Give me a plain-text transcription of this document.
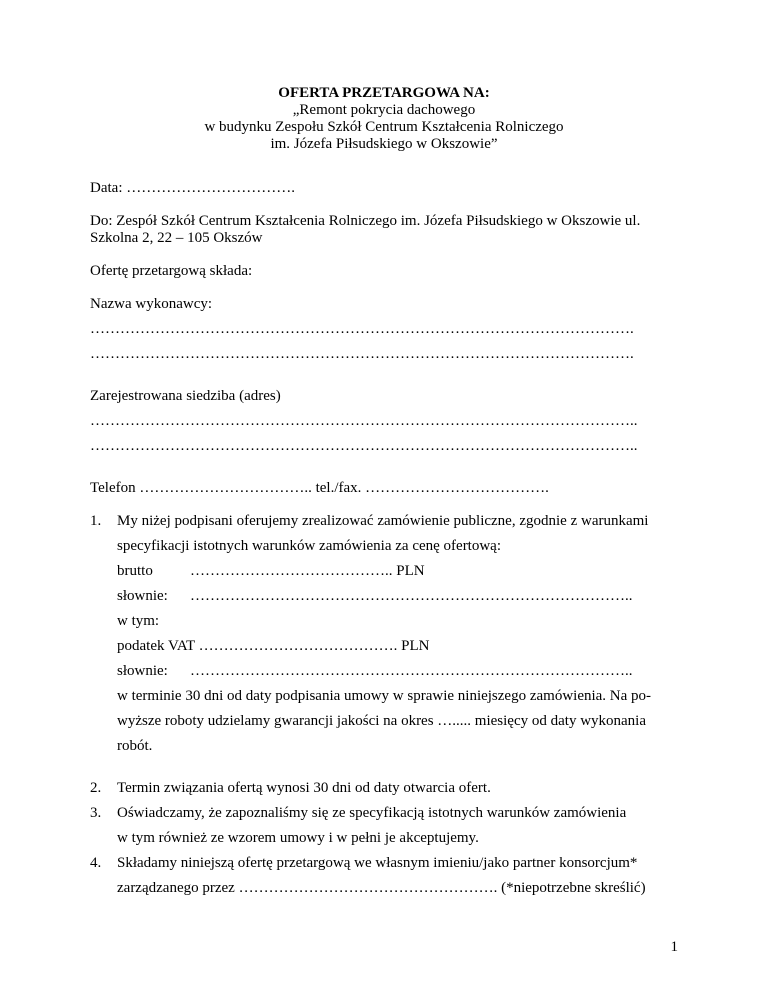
OFERTA PRZETARGOWA NA:
„Remont pokrycia dachowego
w budynku Zespołu Szkół Centrum Kształcenia Rolniczego
im. Józefa Piłsudskiego w Okszowie”
Data: …………………………….
Do: Zespół Szkół Centrum Kształcenia Rolniczego im. Józefa Piłsudskiego w Okszowie ul.
Szkolna 2, 22 – 105 Okszów
Ofertę przetargową składa:
Nazwa wykonawcy:
……………………………………………………………………………………………….
……………………………………………………………………………………………….
Zarejestrowana siedziba (adres)
………………………………………………………………………………………………..
………………………………………………………………………………………………..
Telefon …………………………….. tel./fax. ……………………………….
1. My niżej podpisani oferujemy zrealizować zamówienie publiczne, zgodnie z warunkami
specyfikacji istotnych warunków zamówienia za cenę ofertową:
brutto ………………………………….. PLN
słownie: ……………………………………………………………………………..
w tym:
podatek VAT …………………………………. PLN
słownie: ……………………………………………………………………………..
w terminie 30 dni od daty podpisania umowy w sprawie niniejszego zamówienia. Na po-
wyższe roboty udzielamy gwarancji jakości na okres …..... miesięcy od daty wykonania
robót.
2. Termin związania ofertą wynosi 30 dni od daty otwarcia ofert.
3. Oświadczamy, że zapoznaliśmy się ze specyfikacją istotnych warunków zamówienia
w tym również ze wzorem umowy i w pełni je akceptujemy.
4. Składamy niniejszą ofertę przetargową we własnym imieniu/jako partner konsorcjum*
zarządzanego przez ……………………………………………. (*niepotrzebne skreślić)
1
